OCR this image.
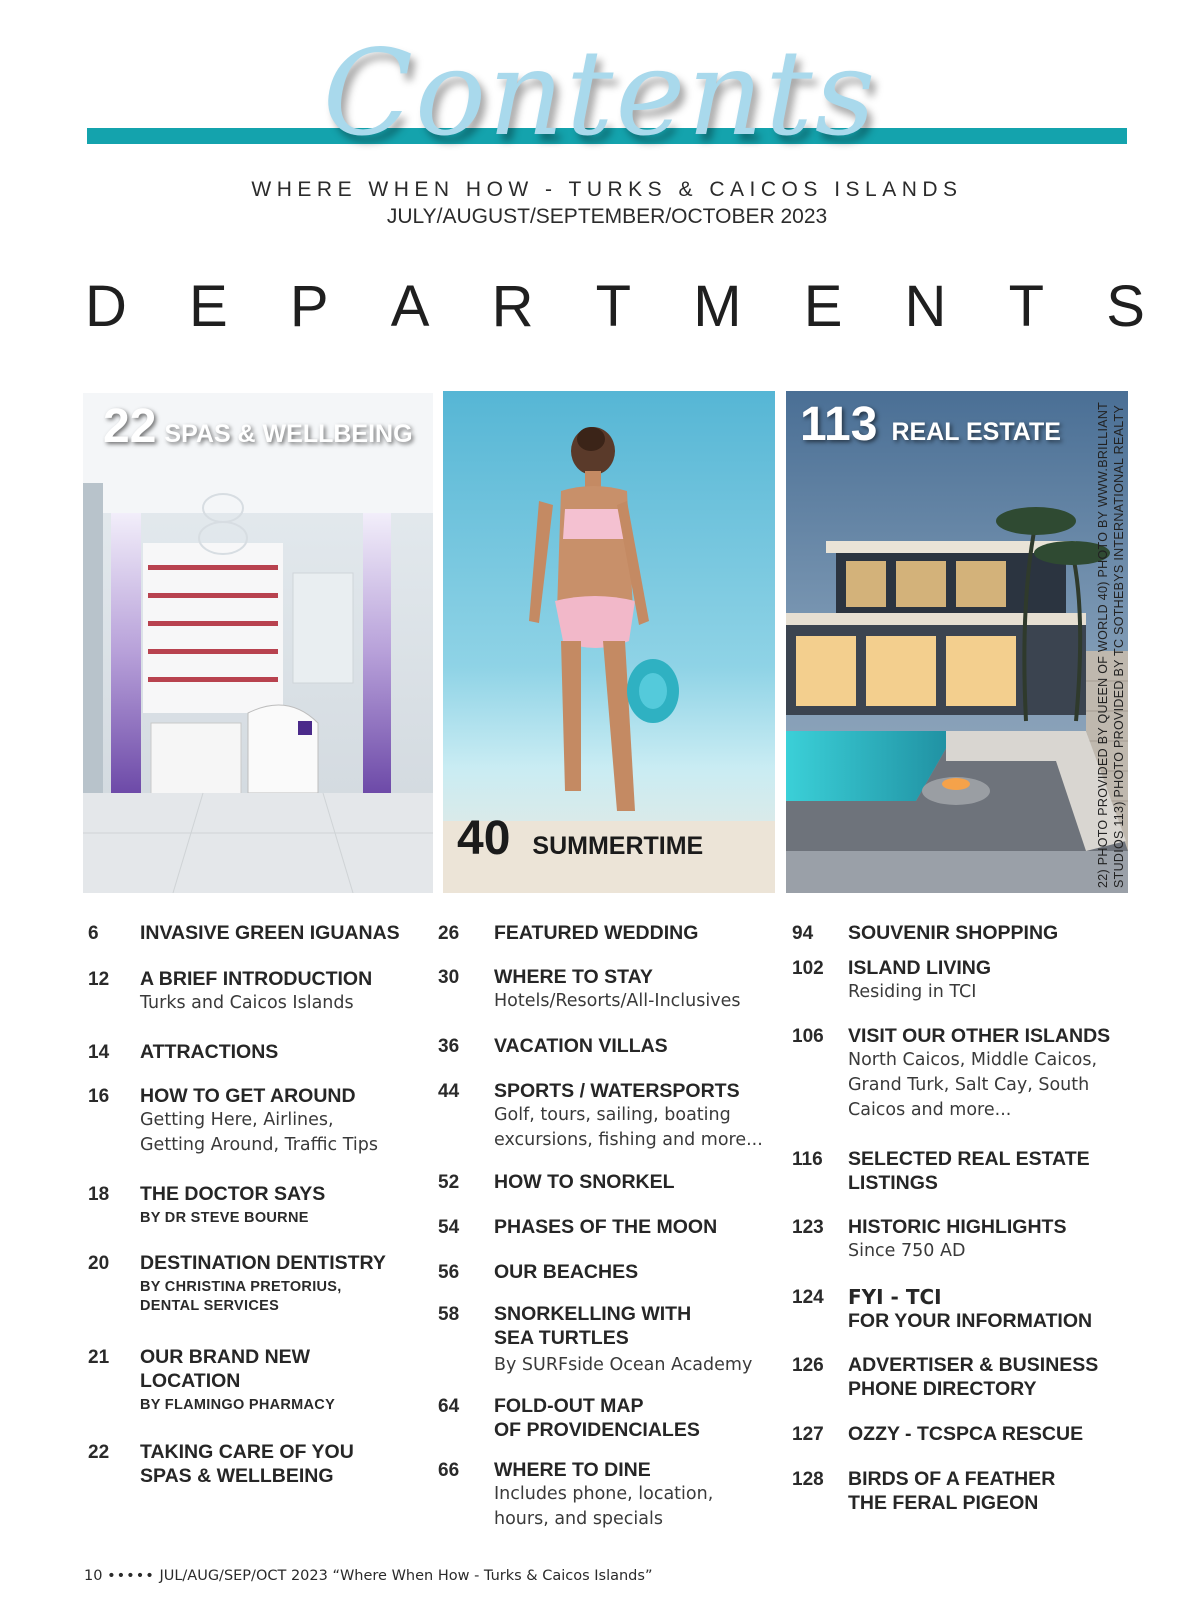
Contents
WHERE WHEN HOW - TURKS & CAICOS ISLANDS
JULY/AUGUST/SEPTEMBER/OCTOBER 2023
D E P A R T M E N T S
22 SPAS & WELLBEING
40 SUMMERTIME
113 REAL ESTATE	22) PHOTO PROVIDED BY QUEEN OF WORLD 40) PHOTO BY WWW.BRILLIANT STUDIOS 113) PHOTO PROVIDED BY TC SOTHEBYS INTERNATIONAL REALTY
6	INVASIVE GREEN IGUANAS
12	A BRIEF INTRODUCTION
Turks and Caicos Islands
14	ATTRACTIONS
16	HOW TO GET AROUND
Getting Here, Airlines,
Getting Around, Traffic Tips
18	THE DOCTOR SAYS
BY DR STEVE BOURNE
20	DESTINATION DENTISTRY
BY CHRISTINA PRETORIUS,
DENTAL SERVICES
21	OUR BRAND NEW
LOCATION
BY FLAMINGO PHARMACY
22	TAKING CARE OF YOU
SPAS & WELLBEING
26	FEATURED WEDDING
30	WHERE TO STAY
Hotels/Resorts/All-Inclusives
36	VACATION VILLAS
44	SPORTS / WATERSPORTS
Golf, tours, sailing, boating
excursions, fishing and more...
52	HOW TO SNORKEL
54	PHASES OF THE MOON
56	OUR BEACHES
58	SNORKELLING WITH
SEA TURTLES
By SURFside Ocean Academy
64	FOLD-OUT MAP
OF PROVIDENCIALES
66	WHERE TO DINE
Includes phone, location,
hours, and specials
94	SOUVENIR SHOPPING
102	ISLAND LIVING
Residing in TCI
106	VISIT OUR OTHER ISLANDS
North Caicos, Middle Caicos,
Grand Turk, Salt Cay, South
Caicos and more...
116	SELECTED REAL ESTATE
LISTINGS
123	HISTORIC HIGHLIGHTS
Since 750 AD
124	FYI - TCI
FOR YOUR INFORMATION
126	ADVERTISER & BUSINESS
PHONE DIRECTORY
127	OZZY - TCSPCA RESCUE
128	BIRDS OF A FEATHER
THE FERAL PIGEON
10 ••••• JUL/AUG/SEP/OCT 2023 “Where When How - Turks & Caicos Islands”
